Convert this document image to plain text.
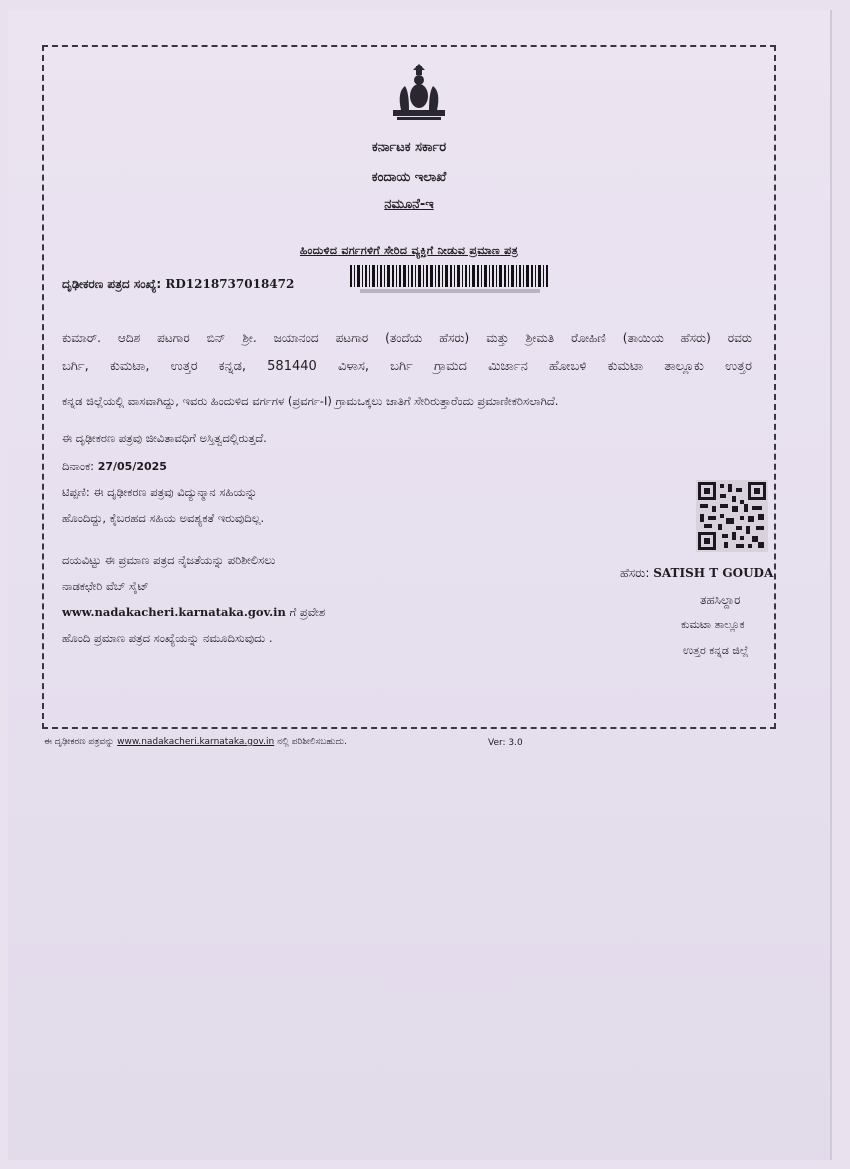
ಕರ್ನಾಟಕ ಸರ್ಕಾರ
ಕಂದಾಯ ಇಲಾಖೆ
ನಮೂನೆ-ಇ
ಹಿಂದುಳಿದ ವರ್ಗಗಳಿಗೆ ಸೇರಿದ ವ್ಯಕ್ತಿಗೆ ನೀಡುವ ಪ್ರಮಾಣ ಪತ್ರ
ದೃಢೀಕರಣ ಪತ್ರದ ಸಂಖ್ಯೆ: RD1218737018472
ಕುಮಾರ್. ಆದಿಶ ಪಟಗಾರ ಬಿನ್ ಶ್ರೀ. ಜಯಾನಂದ ಪಟಗಾರ (ತಂದೆಯ ಹೆಸರು) ಮತ್ತು ಶ್ರೀಮತಿ ರೋಹಿಣಿ (ತಾಯಿಯ ಹೆಸರು) ರವರು
ಬರ್ಗಿ, ಕುಮಟಾ, ಉತ್ತರ ಕನ್ನಡ, 581440 ವಿಳಾಸ, ಬರ್ಗಿ ಗ್ರಾಮದ ಮಿರ್ಜಾನ ಹೋಬಳಿ ಕುಮಟಾ ತಾಲ್ಲೂಕು ಉತ್ತರ
ಕನ್ನಡ ಜಿಲ್ಲೆಯಲ್ಲಿ ವಾಸವಾಗಿದ್ದು, ಇವರು ಹಿಂದುಳಿದ ವರ್ಗಗಳ (ಪ್ರವರ್ಗ-I) ಗ್ರಾಮಒಕ್ಕಲು ಜಾತಿಗೆ ಸೇರಿರುತ್ತಾರೆಂದು ಪ್ರಮಾಣೀಕರಿಸಲಾಗಿದೆ.
ಈ ದೃಢೀಕರಣ ಪತ್ರವು ಜೀವಿತಾವಧಿಗೆ ಅಸ್ತಿತ್ವದಲ್ಲಿರುತ್ತದೆ.
ದಿನಾಂಕ: 27/05/2025
ಟಿಪ್ಪಣಿ: ಈ ದೃಢೀಕರಣ ಪತ್ರವು ವಿದ್ಯುನ್ಮಾನ ಸಹಿಯನ್ನು
ಹೊಂದಿದ್ದು, ಕೈಬರಹದ ಸಹಿಯ ಅವಶ್ಯಕತೆ ಇರುವುದಿಲ್ಲ.
ದಯವಿಟ್ಟು ಈ ಪ್ರಮಾಣ ಪತ್ರದ ನೈಜತೆಯನ್ನು ಪರಿಶೀಲಿಸಲು
ನಾಡಕಛೇರಿ ವೆಬ್ ಸೈಟ್
www.nadakacheri.karnataka.gov.in ಗೆ ಪ್ರವೇಶ
ಹೊಂದಿ ಪ್ರಮಾಣ ಪತ್ರದ ಸಂಖ್ಯೆಯನ್ನು ನಮೂದಿಸುವುದು .
ಹೆಸರು: SATISH T GOUDA
ತಹಸಿಲ್ದಾರ
ಕುಮಟಾ ತಾಲ್ಲೂಕ
ಉತ್ತರ ಕನ್ನಡ ಜಿಲ್ಲೆ
ಈ ದೃಢೀಕರಣ ಪತ್ರವನ್ನು www.nadakacheri.karnataka.gov.in ನಲ್ಲಿ ಪರಿಶೀಲಿಸಬಹುದು.	Ver: 3.0
